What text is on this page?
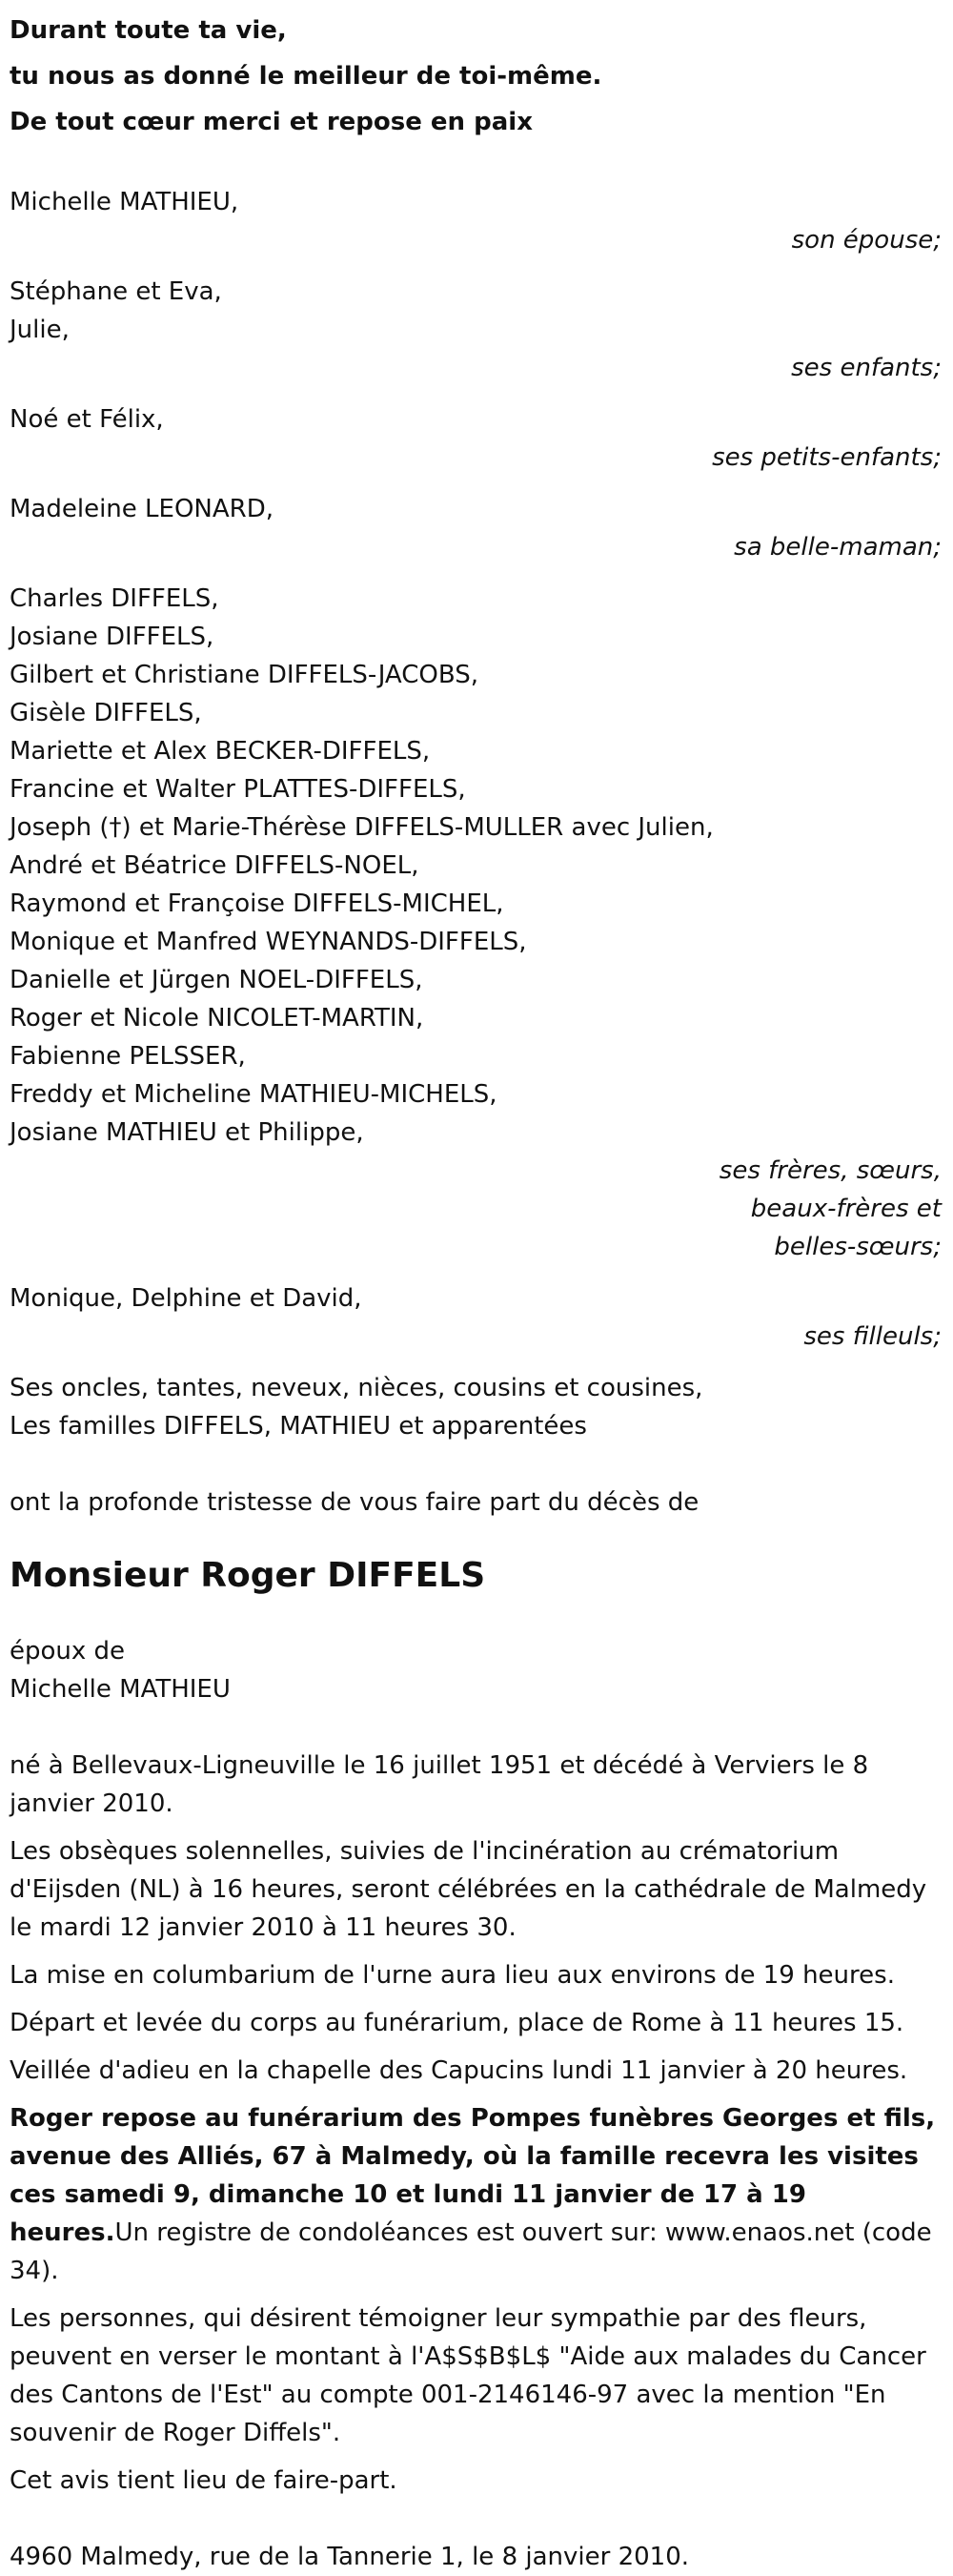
Durant toute ta vie,
tu nous as donné le meilleur de toi-même.
De tout cœur merci et repose en paix
Michelle MATHIEU,
son épouse;
Stéphane et Eva,
Julie,
ses enfants;
Noé et Félix,
ses petits-enfants;
Madeleine LEONARD,
sa belle-maman;
Charles DIFFELS,
Josiane DIFFELS,
Gilbert et Christiane DIFFELS-JACOBS,
Gisèle DIFFELS,
Mariette et Alex BECKER-DIFFELS,
Francine et Walter PLATTES-DIFFELS,
Joseph (†) et Marie-Thérèse DIFFELS-MULLER avec Julien,
André et Béatrice DIFFELS-NOEL,
Raymond et Françoise DIFFELS-MICHEL,
Monique et Manfred WEYNANDS-DIFFELS,
Danielle et Jürgen NOEL-DIFFELS,
Roger et Nicole NICOLET-MARTIN,
Fabienne PELSSER,
Freddy et Micheline MATHIEU-MICHELS,
Josiane MATHIEU et Philippe,
ses frères, sœurs,
beaux-frères et
belles-sœurs;
Monique, Delphine et David,
ses filleuls;
Ses oncles, tantes, neveux, nièces, cousins et cousines,
Les familles DIFFELS, MATHIEU et apparentées
ont la profonde tristesse de vous faire part du décès de
Monsieur Roger DIFFELS
époux de
Michelle MATHIEU
né à Bellevaux-Ligneuville le 16 juillet 1951 et décédé à Verviers le 8 janvier 2010.
Les obsèques solennelles, suivies de l'incinération au crématorium d'Eijsden (NL) à 16 heures, seront célébrées en la cathédrale de Malmedy le mardi 12 janvier 2010 à 11 heures 30.
La mise en columbarium de l'urne aura lieu aux environs de 19 heures.
Départ et levée du corps au funérarium, place de Rome à 11 heures 15.
Veillée d'adieu en la chapelle des Capucins lundi 11 janvier à 20 heures.
Roger repose au funérarium des Pompes funèbres Georges et fils, avenue des Alliés, 67 à Malmedy, où la famille recevra les visites ces samedi 9, dimanche 10 et lundi 11 janvier de 17 à 19 heures.Un registre de condoléances est ouvert sur: www.enaos.net (code 34).
Les personnes, qui désirent témoigner leur sympathie par des fleurs, peuvent en verser le montant à l'A$S$B$L$ "Aide aux malades du Cancer des Cantons de l'Est" au compte 001-2146146-97 avec la mention "En souvenir de Roger Diffels".
Cet avis tient lieu de faire-part.
4960 Malmedy, rue de la Tannerie 1, le 8 janvier 2010.
